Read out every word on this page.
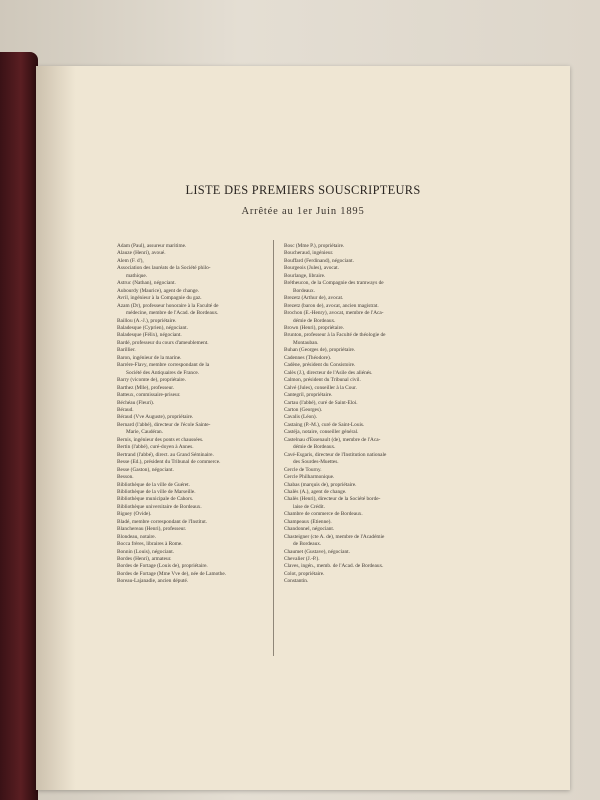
LISTE DES PREMIERS SOUSCRIPTEURS
Arrêtée au 1er Juin 1895
Adam (Paul), assureur maritime.
Alauze (Henri), avoué.
Alem (F. d'),
Association des lauréats de la Société philo-
mathique.
Astruc (Nathan), négociant.
Aubourdy (Maurice), agent de change.
Avril, ingénieur à la Compagnie du gaz.
Azam (Dr), professeur honoraire à la Faculté de
médecine, membre de l'Acad. de Bordeaux.
Baillou (A.-J.), propriétaire.
Baladesque (Cyprien), négociant.
Baladesque (Félix), négociant.
Bardé, professeur du cours d'ameublement.
Barillier.
Baron, ingénieur de la marine.
Barrère-Flavy, membre correspondant de la
Société des Antiquaires de France.
Barry (vicomte de), propriétaire.
Barthez (Mlle), professeur.
Batteux, commissaire-priseur.
Béchéau (Fleuri).
Béraud.
Béraud (Vve Auguste), propriétaire.
Bernard (l'abbé), directeur de l'école Sainte-
Marie, Caudéran.
Bernis, ingénieur des ponts et chaussées.
Bertin (l'abbé), curé-doyen à Annes.
Bertrand (l'abbé), direct. au Grand Séminaire.
Besse (Ed.), président du Tribunal de commerce.
Besse (Gaston), négociant.
Besson.
Bibliothèque de la ville de Guéret.
Bibliothèque de la ville de Marseille.
Bibliothèque municipale de Cahors.
Bibliothèque universitaire de Bordeaux.
Biguey (Ovide).
Bladé, membre correspondant de l'Institut.
Blanchereau (Henri), professeur.
Blondeau, notaire.
Bocca frères, libraires à Rome.
Bonnin (Louis), négociant.
Bordes (Henri), armateur.
Bordes de Fortage (Louis de), propriétaire.
Bordes de Fortage (Mme Vve de), née de Lamothe.
Boreau-Lajanadie, ancien député.
Bosc (Mme P.), propriétaire.
Boucheraud, ingénieur.
Bouffard (Ferdinand), négociant.
Bourgeois (Jules), avocat.
Bourlange, libraire.
Brétheucon, de la Compagnie des tramways de
Bordeaux.
Brezetz (Arthur de), avocat.
Brezetz (baron de), avocat, ancien magistrat.
Brochon (E.-Henry), avocat, membre de l'Aca-
démie de Bordeaux.
Brown (Henri), propriétaire.
Brunton, professeur à la Faculté de théologie de
Montauban.
Buhan (Georges de), propriétaire.
Cadennes (Théodore).
Cadène, président du Consistoire.
Calès (J.), directeur de l'Asile des aliénés.
Calmon, président du Tribunal civil.
Calvé (Jules), conseiller à la Cour.
Cantegril, propriétaire.
Cartau (l'abbé), curé de Saint-Éloi.
Carton (Georges).
Cavalis (Léon).
Castaing (P.-M.), curé de Saint-Louis.
Castéja, notaire, conseiller général.
Castelnau d'Essenault (de), membre de l'Aca-
démie de Bordeaux.
Cavé-Esgaris, directeur de l'Institution nationale
des Sourdes-Muettes.
Cercle de Tourny.
Cercle Philharmonique.
Chabas (marquis de), propriétaire.
Chalès (A.), agent de change.
Chalès (Henri), directeur de la Société borde-
laise de Crédit.
Chambre de commerce de Bordeaux.
Champeaux (Étienne).
Chandonnel, négociant.
Chasteigner (cte A. de), membre de l'Académie
de Bordeaux.
Chaumet (Gustave), négociant.
Chevalier (J.-P.).
Claves, ingén., memb. de l'Acad. de Bordeaux.
Colot, propriétaire.
Constantin.
